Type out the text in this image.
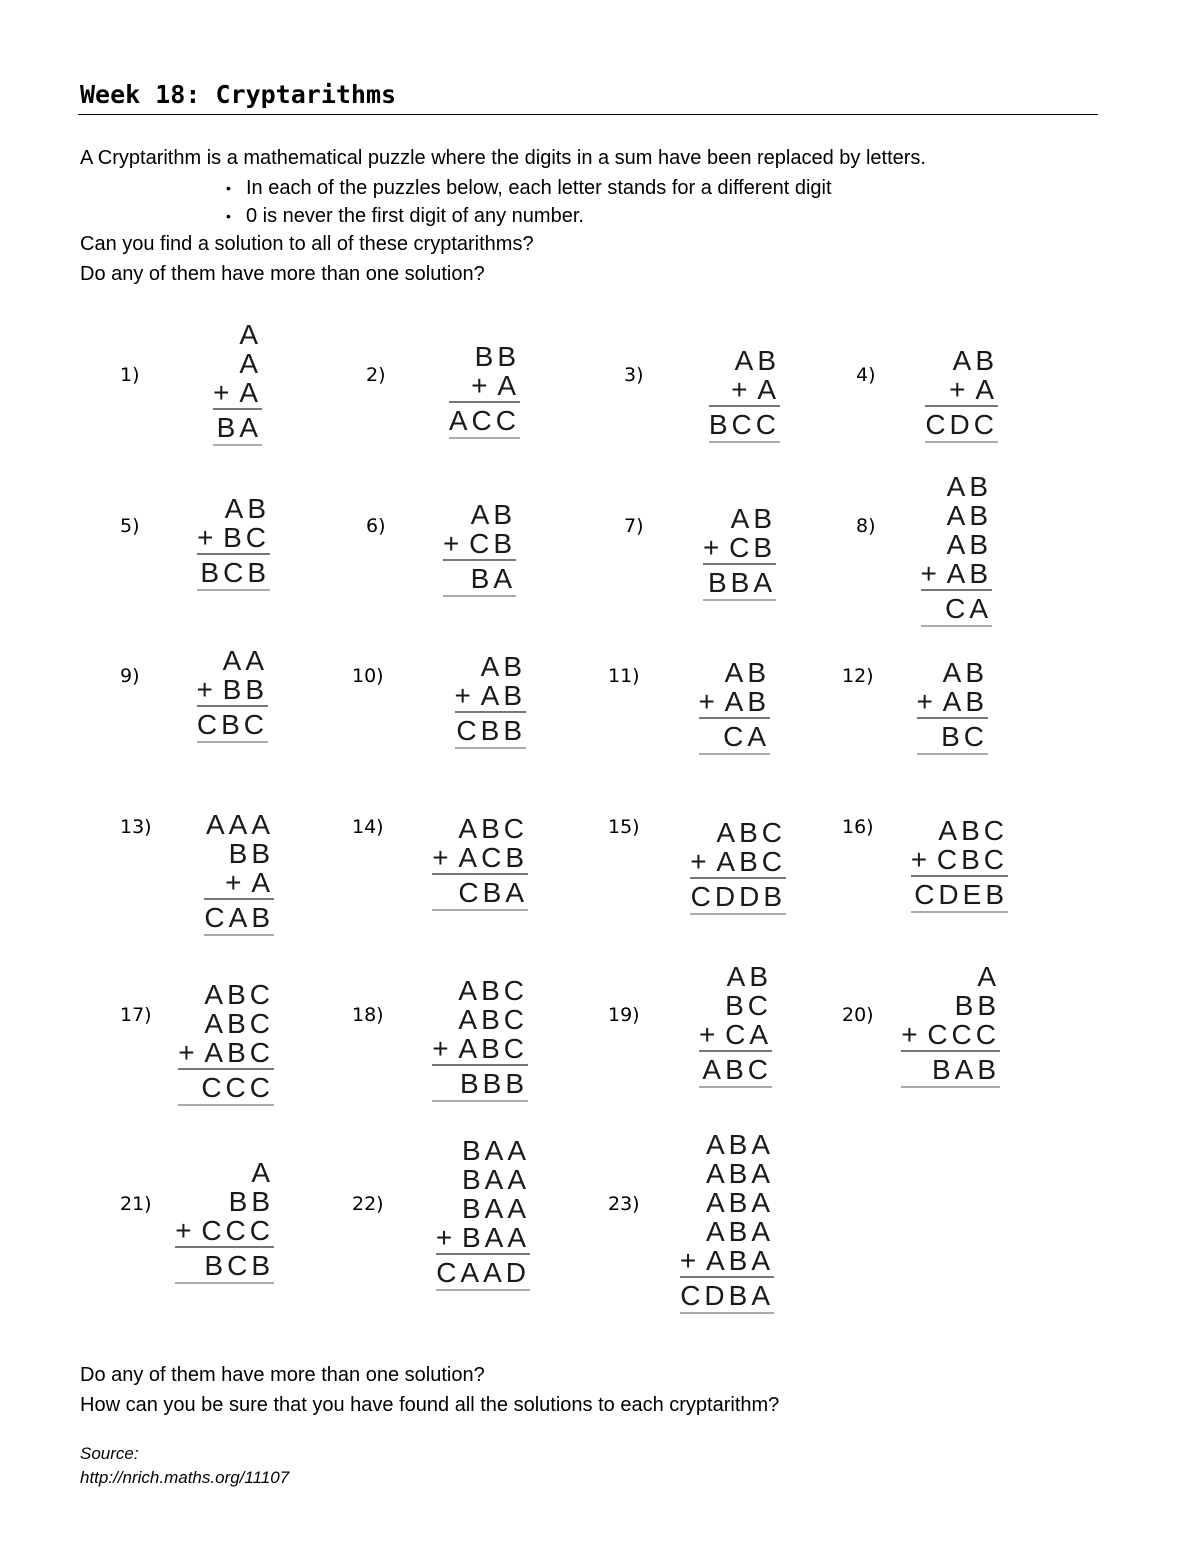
Week 18: Cryptarithms
A Cryptarithm is a mathematical puzzle where the digits in a sum have been replaced by letters.
• In each of the puzzles below, each letter stands for a different digit
• 0 is never the first digit of any number.
Can you find a solution to all of these cryptarithms?
Do any of them have more than one solution?
1)
A
A
+ A
BA
2)
BB
+ A
ACC
3)	AB
+ A
BCC
4)	AB
+ A
CDC
5)
AB
+ BC
BCB
6)	AB
+ CB
BA
7)	AB
+ CB
BBA
8)
AB
AB
AB
+ AB
CA
9)	AA
+ BB
CBC
10)	AB
+ AB
CBB
11)	AB
+ AB
CA
12)	AB
+ AB
BC
13) AAA
BB
+ A
CAB
14)	ABC
+ ACB
CBA
15)	ABC
+ ABC
CDDB
16)	ABC
+ CBC
CDEB
17)
ABC
ABC
+ ABC
CCC
18)
ABC
ABC
+ ABC
BBB
19)
AB
BC
+ CA
ABC
20)
A
BB
+ CCC
BAB
21)
A
BB
+ CCC
BCB
22)
BAA
BAA
BAA
+ BAA
CAAD
23)
ABA
ABA
ABA
ABA
+ ABA
CDBA
Do any of them have more than one solution?
How can you be sure that you have found all the solutions to each cryptarithm?
Source:
http://nrich.maths.org/11107
